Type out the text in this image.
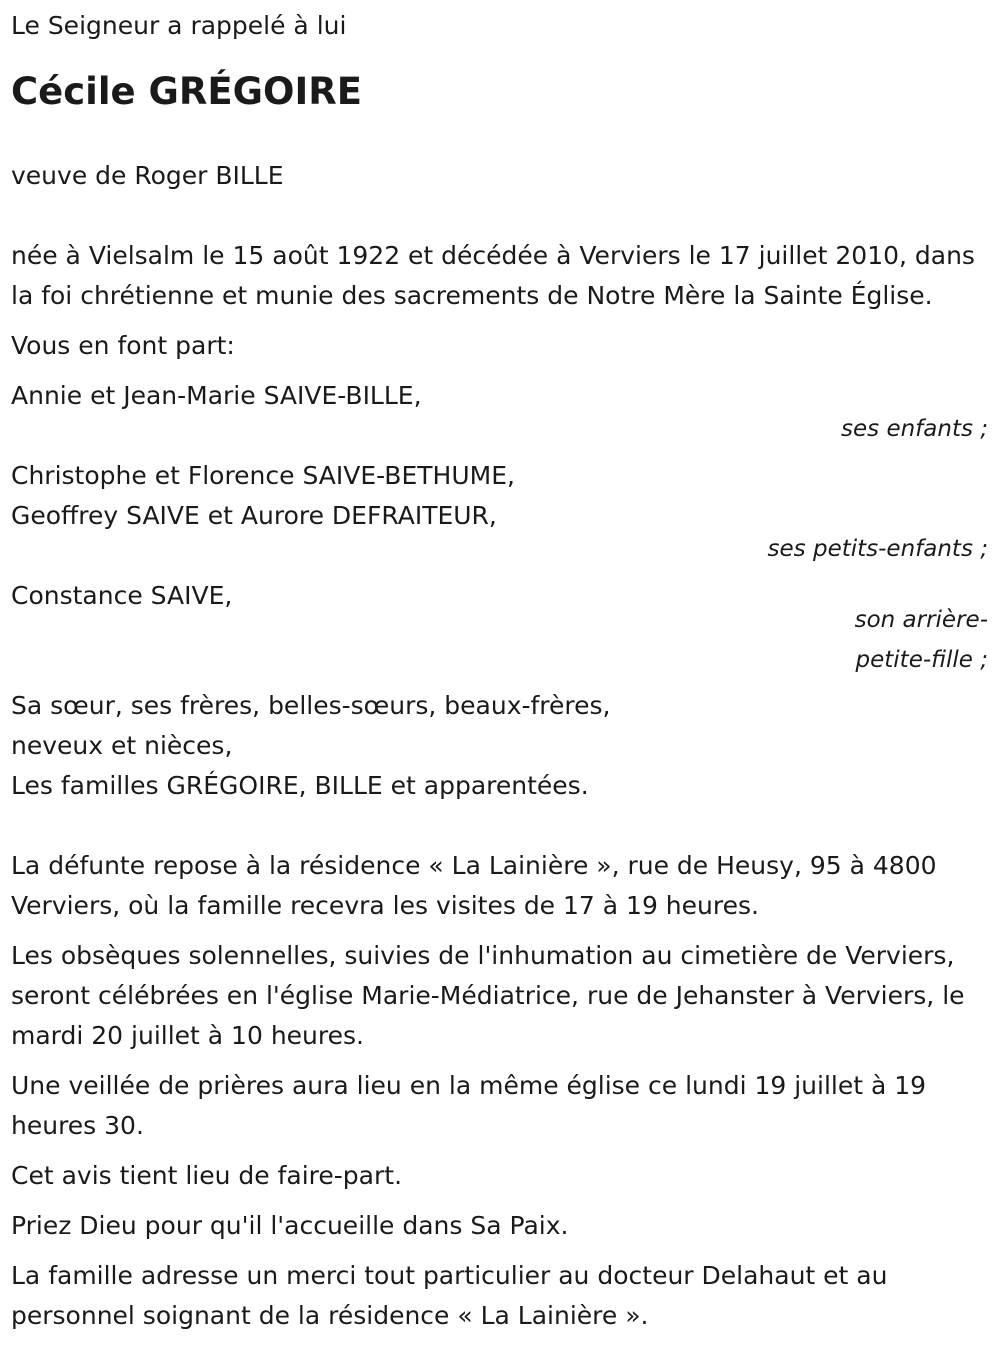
Le Seigneur a rappelé à lui

Cécile GRÉGOIRE

veuve de Roger BILLE

née à Vielsalm le 15 août 1922 et décédée à Verviers le 17 juillet 2010, dans la foi chrétienne et munie des sacrements de Notre Mère la Sainte Église.

Vous en font part:

Annie et Jean-Marie SAIVE-BILLE,

ses enfants ;

Christophe et Florence SAIVE-BETHUME,

Geoffrey SAIVE et Aurore DEFRAITEUR,

ses petits-enfants ;

Constance SAIVE,

son arrière-

petite-fille ;

Sa sœur, ses frères, belles-sœurs, beaux-frères,

neveux et nièces,

Les familles GRÉGOIRE, BILLE et apparentées.

La défunte repose à la résidence « La Lainière », rue de Heusy, 95 à 4800 Verviers, où la famille recevra les visites de 17 à 19 heures.

Les obsèques solennelles, suivies de l'inhumation au cimetière de Verviers, seront célébrées en l'église Marie-Médiatrice, rue de Jehanster à Verviers, le mardi 20 juillet à 10 heures.

Une veillée de prières aura lieu en la même église ce lundi 19 juillet à 19 heures 30.

Cet avis tient lieu de faire-part.

Priez Dieu pour qu'il l'accueille dans Sa Paix.

La famille adresse un merci tout particulier au docteur Delahaut et au personnel soignant de la résidence « La Lainière ».
